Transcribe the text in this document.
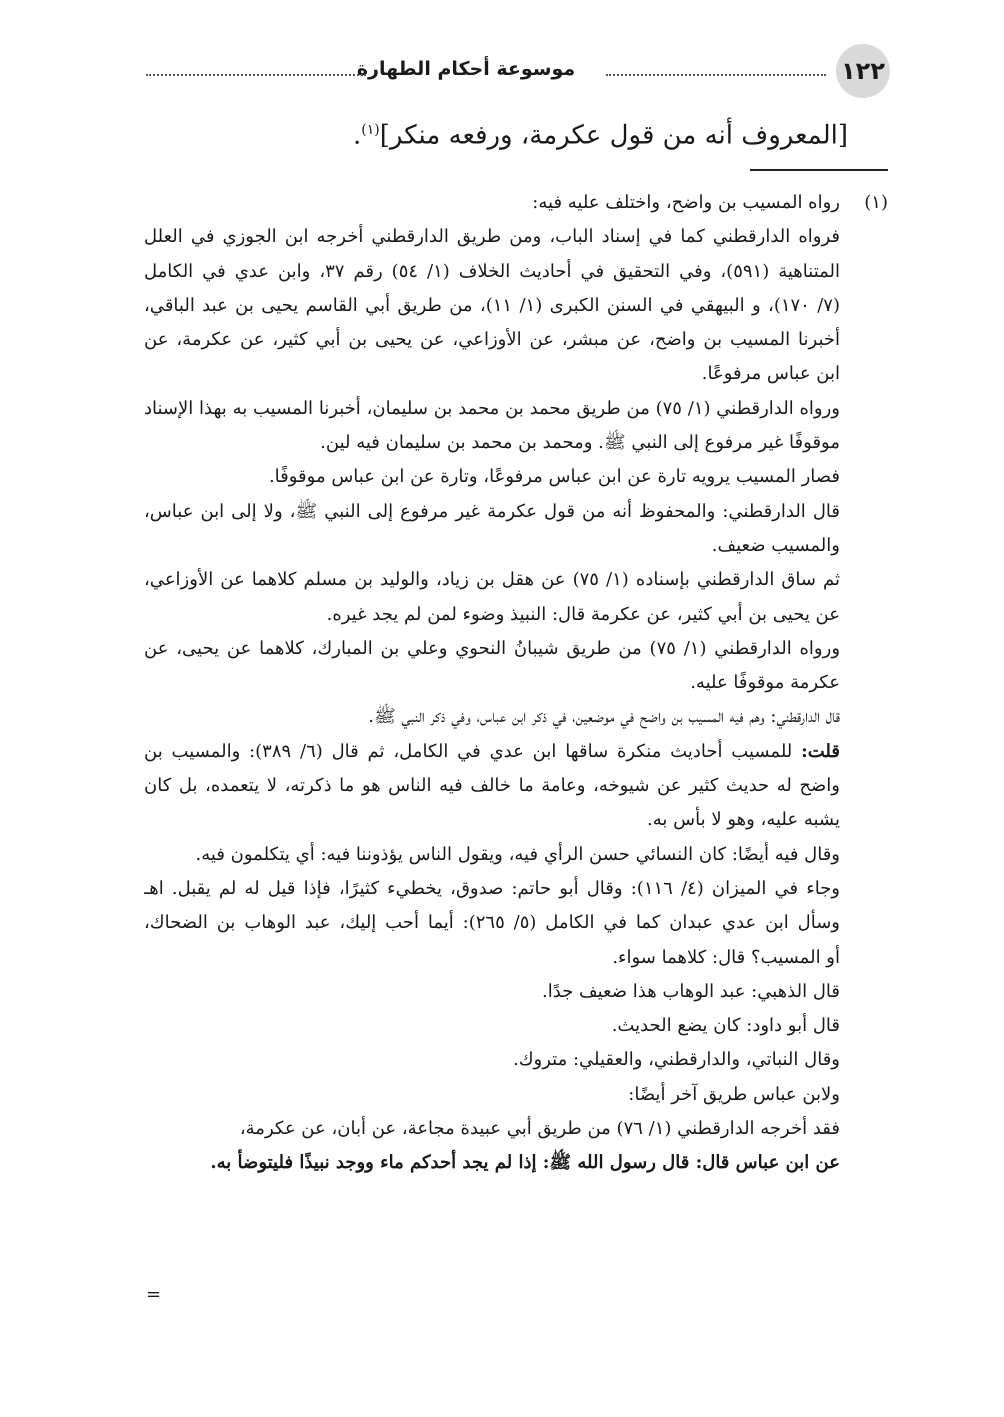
١٢٢
موسوعة أحكام الطهارة
[المعروف أنه من قول عكرمة، ورفعه منكر]$^{(١)}$.
(١)
رواه المسيب بن واضح، واختلف عليه فيه:
فرواه الدارقطني كما في إسناد الباب، ومن طريق الدارقطني أخرجه ابن الجوزي في العلل
المتناهية (٥٩١)، وفي التحقيق في أحاديث الخلاف (١/ ٥٤) رقم ٣٧، وابن عدي في الكامل
(٧/ ١٧٠)، و البيهقي في السنن الكبرى (١/ ١١)، من طريق أبي القاسم يحيى بن عبد الباقي،
أخبرنا المسيب بن واضح، عن مبشر، عن الأوزاعي، عن يحيى بن أبي كثير، عن عكرمة، عن
ابن عباس مرفوعًا.
ورواه الدارقطني (١/ ٧٥) من طريق محمد بن محمد بن سليمان، أخبرنا المسيب به بهذا الإسناد
موقوفًا غير مرفوع إلى النبي ﷺ. ومحمد بن محمد بن سليمان فيه لين.
فصار المسيب يرويه تارة عن ابن عباس مرفوعًا، وتارة عن ابن عباس موقوفًا.
قال الدارقطني: والمحفوظ أنه من قول عكرمة غير مرفوع إلى النبي ﷺ، ولا إلى ابن عباس،
والمسيب ضعيف.
ثم ساق الدارقطني بإسناده (١/ ٧٥) عن هقل بن زياد، والوليد بن مسلم كلاهما عن الأوزاعي،
عن يحيى بن أبي كثير، عن عكرمة قال: النبيذ وضوء لمن لم يجد غيره.
ورواه الدارقطني (١/ ٧٥) من طريق شيبانُ النحوي وعلي بن المبارك، كلاهما عن يحيى، عن
عكرمة موقوفًا عليه.
قال الدارقطني: وهم فيه المسيب بن واضح في موضعين، في ذكر ابن عباس، وفي ذكر النبي ﷺ.
قلت: للمسيب أحاديث منكرة ساقها ابن عدي في الكامل، ثم قال (٦/ ٣٨٩): والمسيب بن
واضح له حديث كثير عن شيوخه، وعامة ما خالف فيه الناس هو ما ذكرته، لا يتعمده، بل كان
يشبه عليه، وهو لا بأس به.
وقال فيه أيضًا: كان النسائي حسن الرأي فيه، ويقول الناس يؤذوننا فيه: أي يتكلمون فيه.
وجاء في الميزان (٤/ ١١٦): وقال أبو حاتم: صدوق، يخطيء كثيرًا، فإذا قيل له لم يقبل. اهـ
وسأل ابن عدي عبدان كما في الكامل (٥/ ٢٦٥): أيما أحب إليك، عبد الوهاب بن الضحاك،
أو المسيب؟ قال: كلاهما سواء.
قال الذهبي: عبد الوهاب هذا ضعيف جدًا.
قال أبو داود: كان يضع الحديث.
وقال النباتي، والدارقطني، والعقيلي: متروك.
ولابن عباس طريق آخر أيضًا:
فقد أخرجه الدارقطني (١/ ٧٦) من طريق أبي عبيدة مجاعة، عن أبان، عن عكرمة،
عن ابن عباس قال: قال رسول الله ﷺ: إذا لم يجد أحدكم ماء ووجد نبيذًا فليتوضأ به.
=
